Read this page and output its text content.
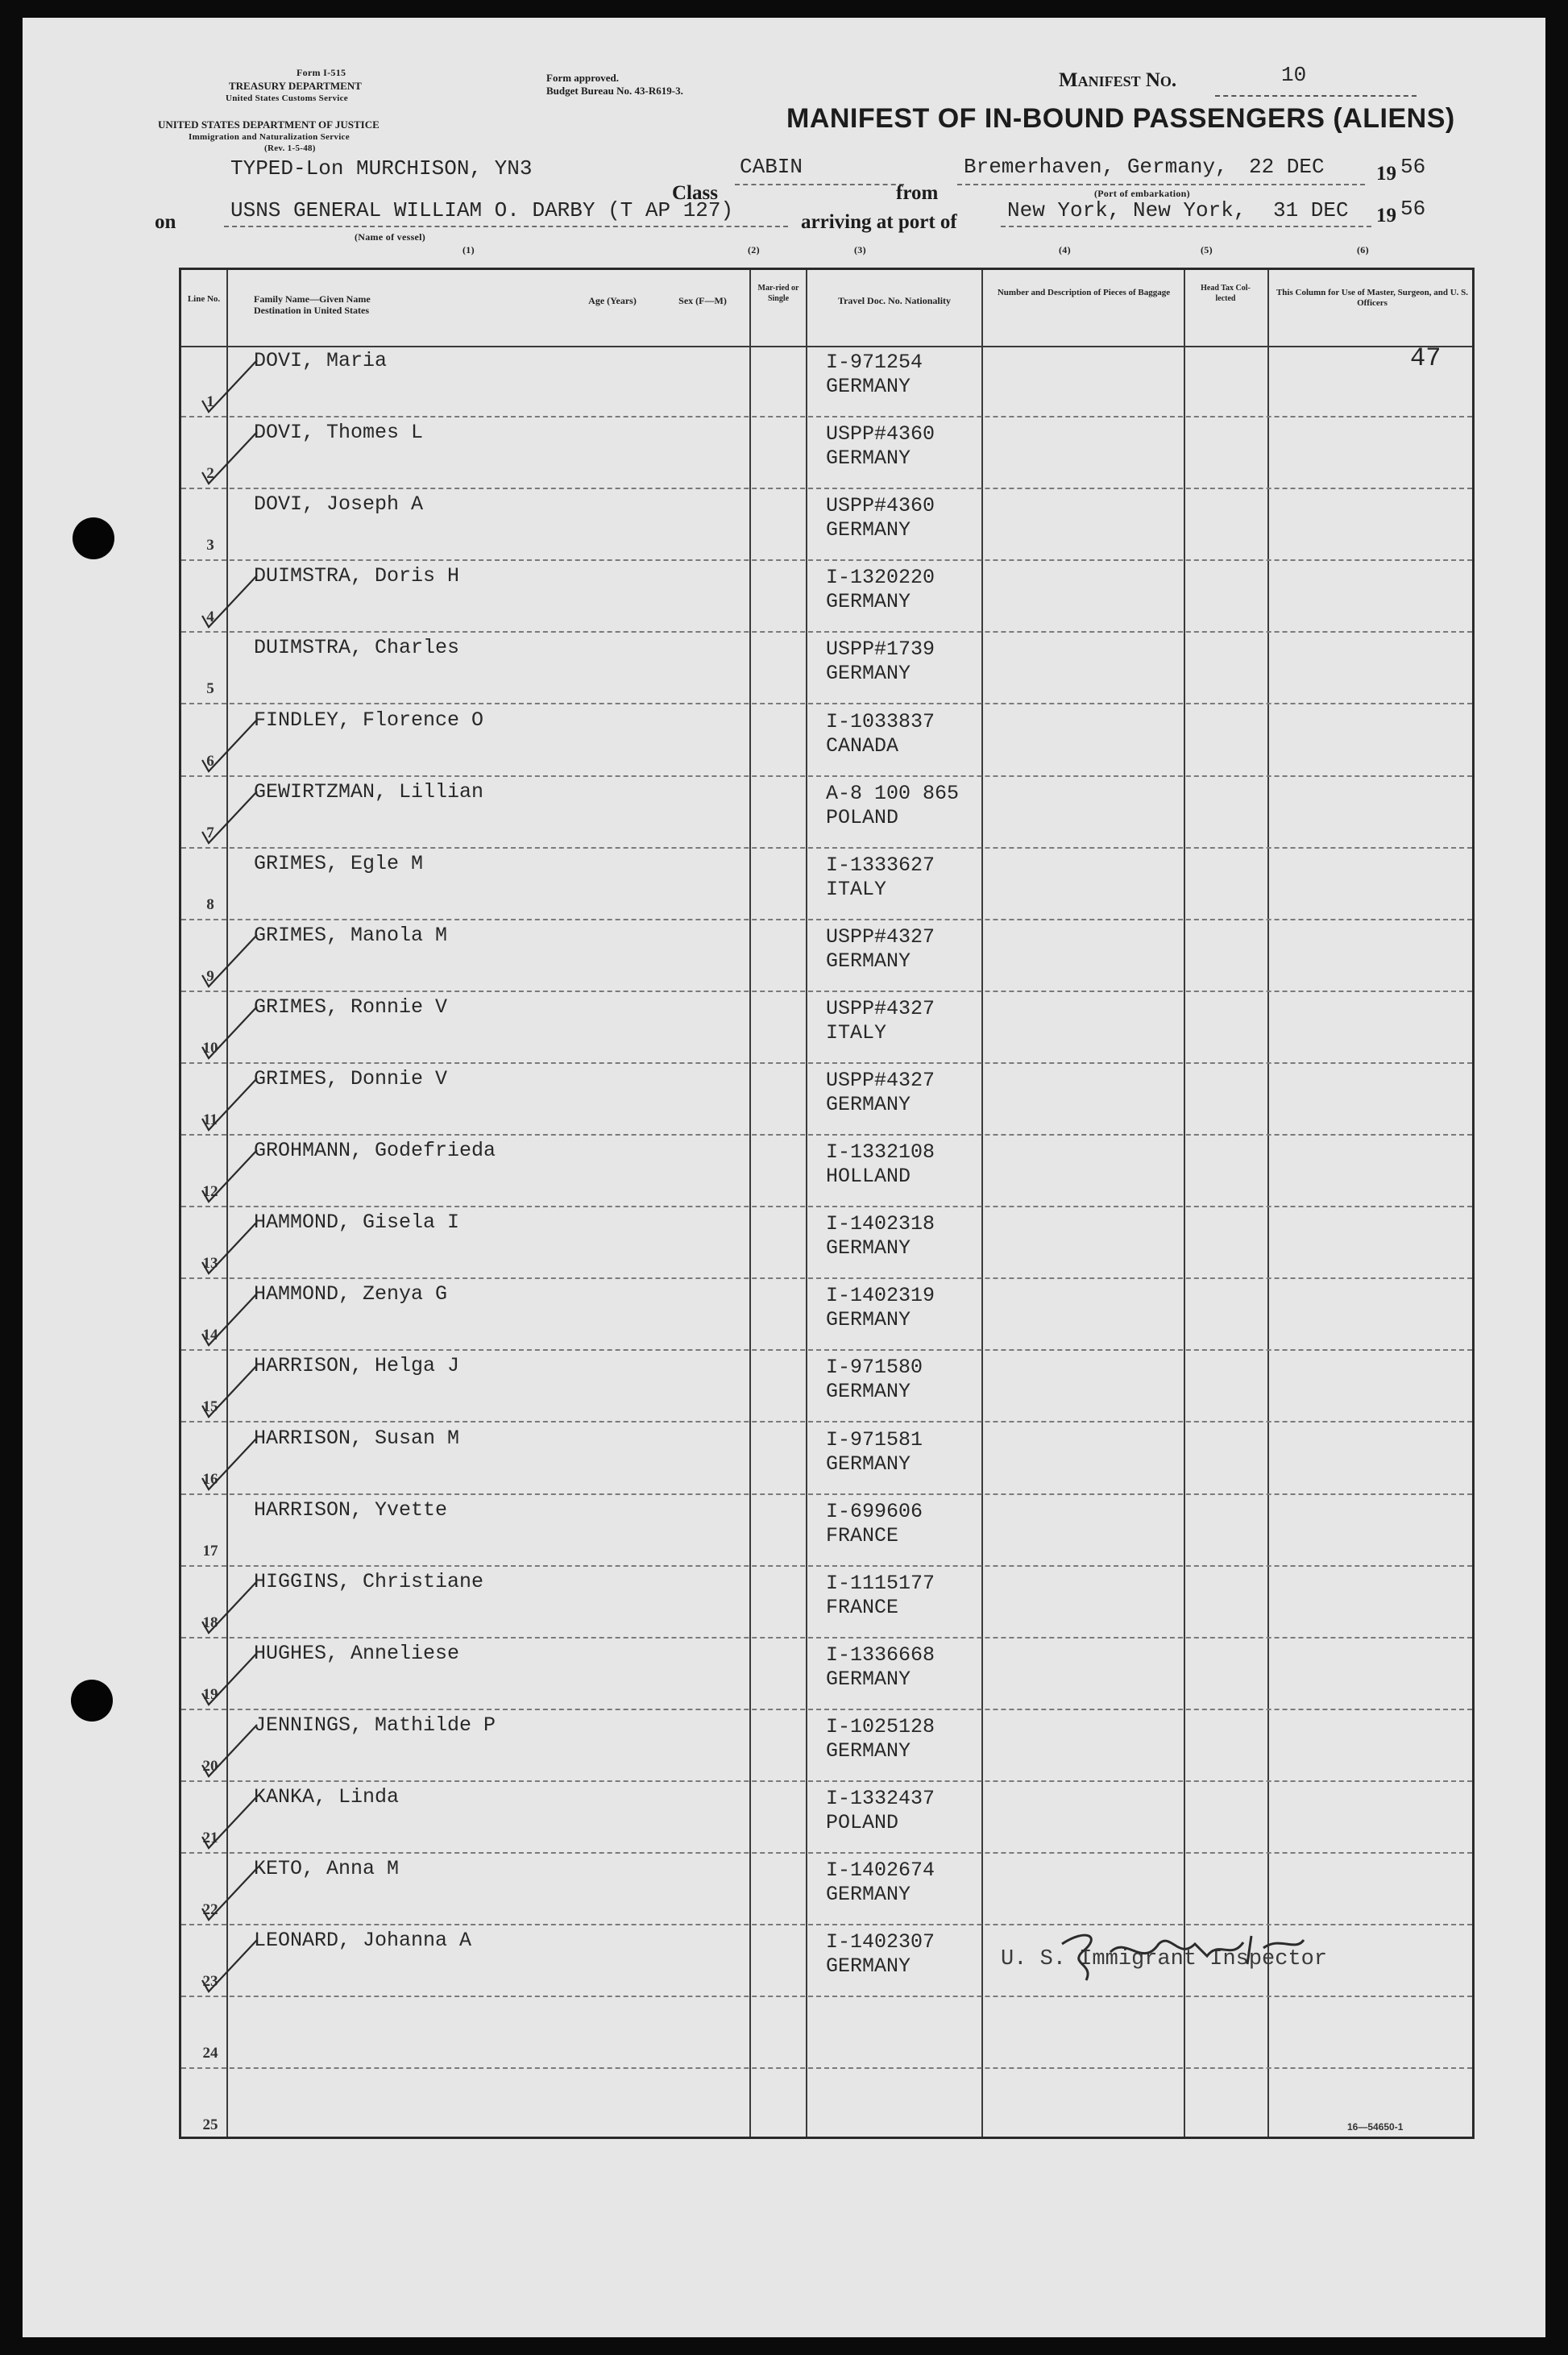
Form I-515
TREASURY DEPARTMENT
United States Customs Service
Form approved.
Budget Bureau No. 43-R619-3.	Manifest No.	10
UNITED STATES DEPARTMENT OF JUSTICE
Immigration and Naturalization Service
(Rev. 1-5-48)
MANIFEST OF IN-BOUND PASSENGERS (ALIENS)
TYPED-Lon MURCHISON, YN3
Class
CABIN
from
Bremerhaven, Germany, 22 DEC	19 56
(Port of embarkation)
on	USNS GENERAL WILLIAM O. DARBY (T AP 127)	arriving at port of New York, New York, 31 DEC 19 56
(Name of vessel)
(1)	(2)	(3)	(4)	(5)	(6)
47
Line No.	Family Name—Given Name
Destination in United States
Age (Years)	Sex (F—M)
Mar-ried or Single	Travel Doc. No. Nationality
Number and Description of Pieces of Baggage	Head Tax Col-lected
This Column for Use of Master, Surgeon, and U. S. Officers
1
DOVI, Maria	I-971254
GERMANY
2
DOVI, Thomes L	USPP#4360
GERMANY
3
DOVI, Joseph A	USPP#4360
GERMANY
4
DUIMSTRA, Doris H	I-1320220
GERMANY
5
DUIMSTRA, Charles	USPP#1739
GERMANY
6
FINDLEY, Florence O	I-1033837
CANADA
7
GEWIRTZMAN, Lillian	A-8 100 865
POLAND
8
GRIMES, Egle M	I-1333627
ITALY
9
GRIMES, Manola M	USPP#4327
GERMANY
10
GRIMES, Ronnie V	USPP#4327
ITALY
11
GRIMES, Donnie V	USPP#4327
GERMANY
12
GROHMANN, Godefrieda	I-1332108
HOLLAND
13
HAMMOND, Gisela I	I-1402318
GERMANY
14
HAMMOND, Zenya G	I-1402319
GERMANY
15
HARRISON, Helga J	I-971580
GERMANY
16
HARRISON, Susan M	I-971581
GERMANY
17
HARRISON, Yvette	I-699606
FRANCE
18
HIGGINS, Christiane	I-1115177
FRANCE
19
HUGHES, Anneliese	I-1336668
GERMANY
20
JENNINGS, Mathilde P	I-1025128
GERMANY
21
KANKA, Linda	I-1332437
POLAND
22
KETO, Anna M	I-1402674
GERMANY
23
LEONARD, Johanna A	I-1402307
GERMANY
24
25
U. S. Immigrant Inspector
16—54650-1
